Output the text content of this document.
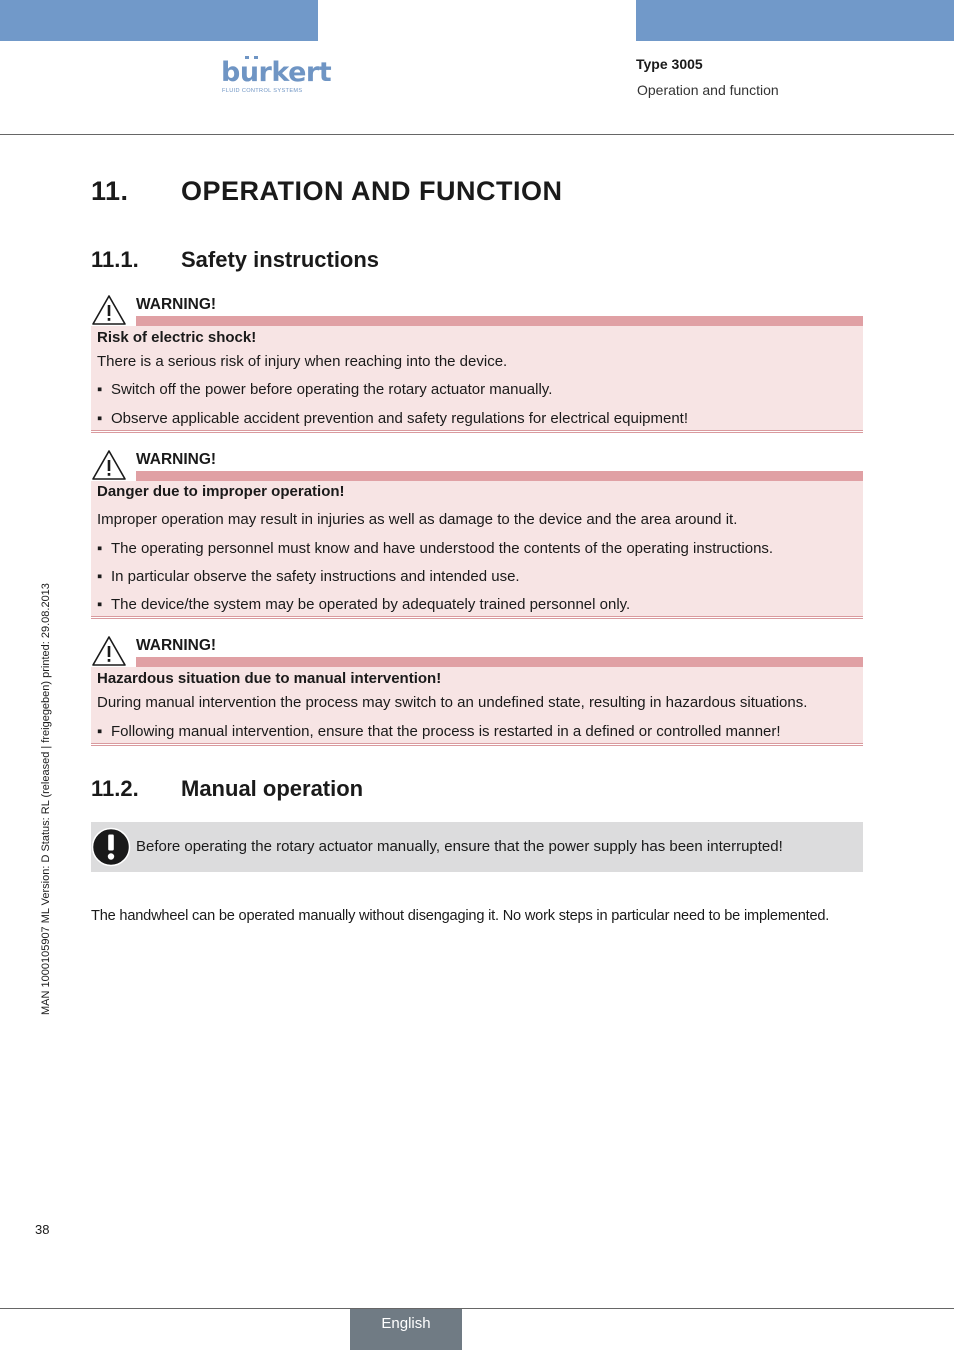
burkert
FLUID CONTROL SYSTEMS
Type 3005
Operation and function
11. OPERATION AND FUNCTION
11.1. Safety instructions
WARNING!
Risk of electric shock!
There is a serious risk of injury when reaching into the device.
▪ Switch off the power before operating the rotary actuator manually.
▪ Observe applicable accident prevention and safety regulations for electrical equipment!
WARNING!
Danger due to improper operation!
Improper operation may result in injuries as well as damage to the device and the area around it.
▪ The operating personnel must know and have understood the contents of the operating instructions.
▪ In particular observe the safety instructions and intended use.
▪ The device/the system may be operated by adequately trained personnel only.
WARNING!
Hazardous situation due to manual intervention!
During manual intervention the process may switch to an undefined state, resulting in hazardous situations.
▪ Following manual intervention, ensure that the process is restarted in a defined or controlled manner!
11.2. Manual operation
Before operating the rotary actuator manually, ensure that the power supply has been interrupted!
The handwheel can be operated manually without disengaging it. No work steps in particular need to be implemented.
MAN 1000105907 ML Version: D Status: RL (released | freigegeben) printed: 29.08.2013
38
English
